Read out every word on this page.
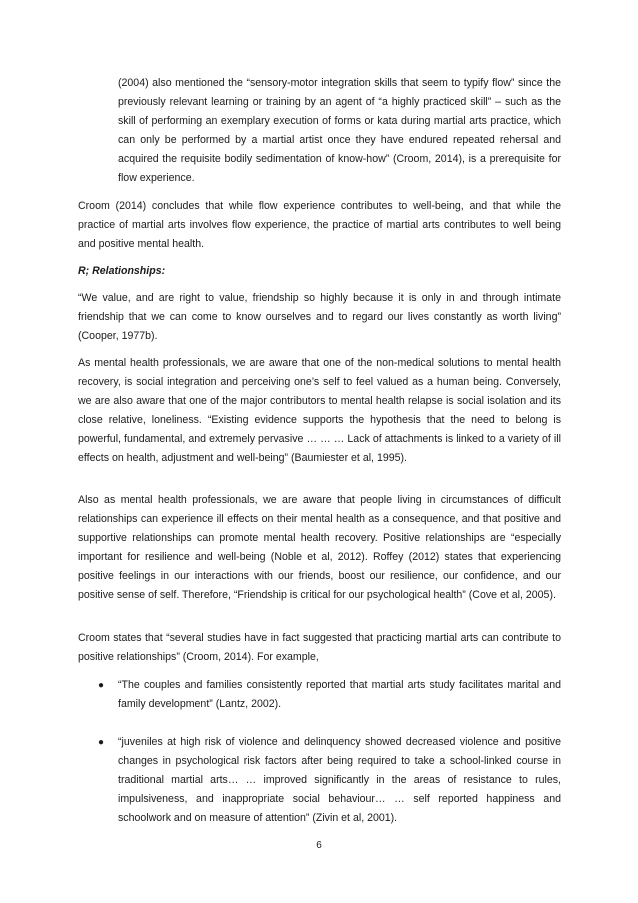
(2004) also mentioned the “sensory-motor integration skills that seem to typify flow” since the previously relevant learning or training by an agent of “a highly practiced skill” – such as the skill of performing an exemplary execution of forms or kata during martial arts practice, which can only be performed by a martial artist once they have endured repeated rehersal and acquired the requisite bodily sedimentation of know-how” (Croom, 2014), is a prerequisite for flow experience.

Croom (2014) concludes that while flow experience contributes to well-being, and that while the practice of martial arts involves flow experience, the practice of martial arts contributes to well being and positive mental health.

R; Relationships:

“We value, and are right to value, friendship so highly because it is only in and through intimate friendship that we can come to know ourselves and to regard our lives constantly as worth living” (Cooper, 1977b).

As mental health professionals, we are aware that one of the non-medical solutions to mental health recovery, is social integration and perceiving one’s self to feel valued as a human being. Conversely, we are also aware that one of the major contributors to mental health relapse is social isolation and its close relative, loneliness. “Existing evidence supports the hypothesis that the need to belong is powerful, fundamental, and extremely pervasive … … … Lack of attachments is linked to a variety of ill effects on health, adjustment and well-being” (Baumiester et al, 1995).

Also as mental health professionals, we are aware that people living in circumstances of difficult relationships can experience ill effects on their mental health as a consequence, and that positive and supportive relationships can promote mental health recovery. Positive relationships are “especially important for resilience and well-being (Noble et al, 2012). Roffey (2012) states that experiencing positive feelings in our interactions with our friends, boost our resilience, our confidence, and our positive sense of self. Therefore, “Friendship is critical for our psychological health” (Cove et al, 2005).

Croom states that “several studies have in fact suggested that practicing martial arts can contribute to positive relationships” (Croom, 2014). For example,

● “The couples and families consistently reported that martial arts study facilitates marital and family development” (Lantz, 2002).

● “juveniles at high risk of violence and delinquency showed decreased violence and positive changes in psychological risk factors after being required to take a school-linked course in traditional martial arts… … improved significantly in the areas of resistance to rules, impulsiveness, and inappropriate social behaviour… … self reported happiness and schoolwork and on measure of attention” (Zivin et al, 2001).

6
